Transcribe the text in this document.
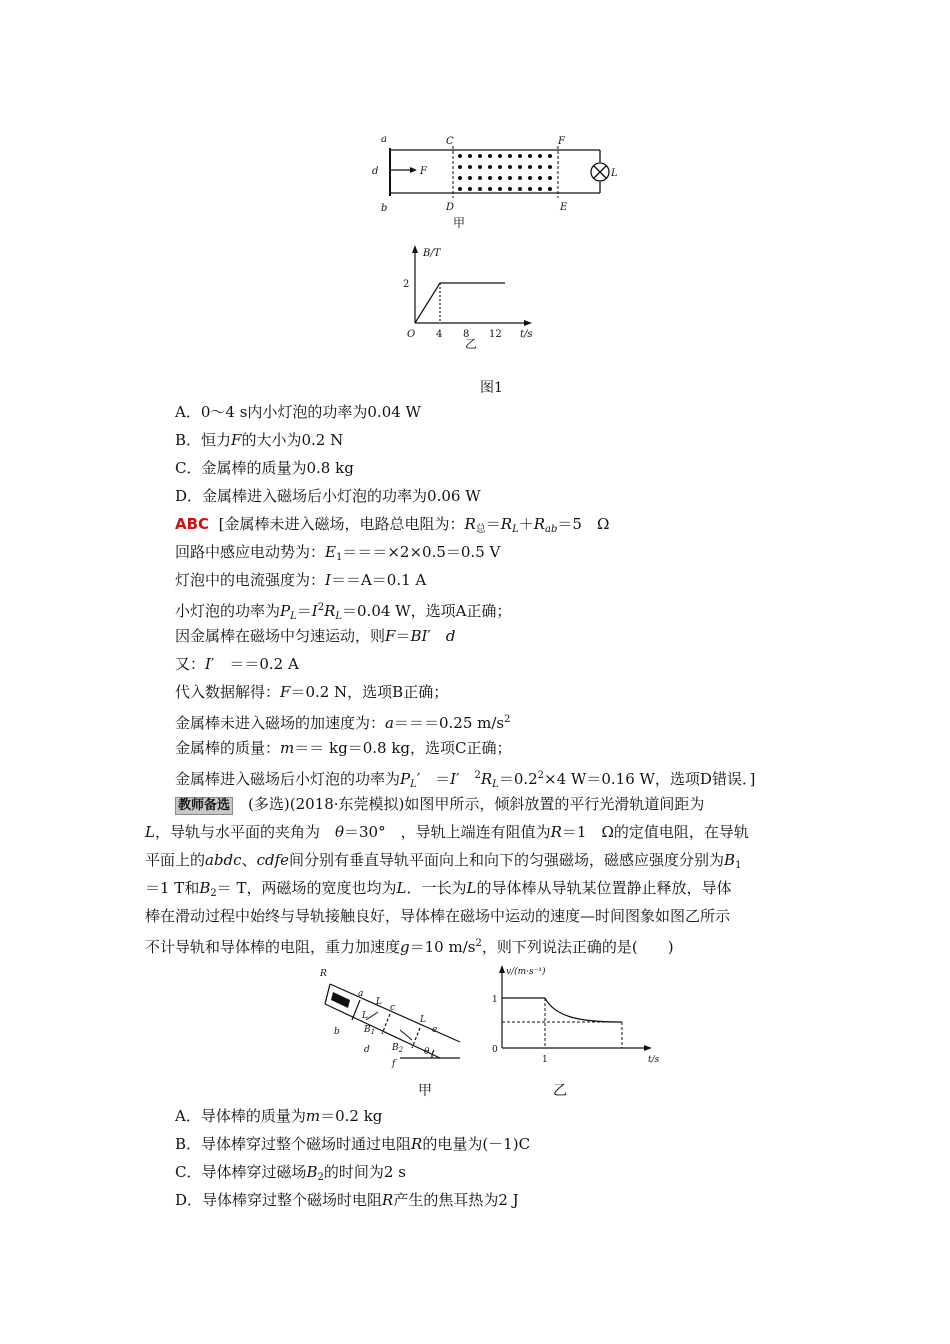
a
b
d	F
C
D
F
E
L
甲
B/T
2
O 4 8 12 t/s
乙
图1
A．0～4 s内小灯泡的功率为0.04 W
B．恒力F的大小为0.2 N
C．金属棒的质量为0.8 kg
D．金属棒进入磁场后小灯泡的功率为0.06 W
ABC [金属棒未进入磁场，电路总电阻为：$R_总=R_L+R_{ab}=5$　Ω
回路中感应电动势为：$E_1===\times 2\times 0.5=0.5$ V
灯泡中的电流强度为：I＝＝A＝0.1 A
小灯泡的功率为$P_L=I^2R_L=0.04$ W，选项A正确；
因金属棒在磁场中匀速运动，则F＝BI′　d
又：I′　＝＝0.2 A
代入数据解得：F＝0.2 N，选项B正确；
金属棒未进入磁场的加速度为：a＝＝＝0.25 $m/s^2$
金属棒的质量：m＝＝ kg＝0.8 kg，选项C正确；
金属棒进入磁场后小灯泡的功率为$P_L'$　＝I′　$^2R_L=0.2^2\times 4$ W＝0.16 W，选项D错误．]
教师备选　(多选)(2018·东莞模拟)如图甲所示，倾斜放置的平行光滑轨道间距为
L，导轨与水平面的夹角为　θ＝30°　，导轨上端连有阻值为R＝1　Ω的定值电阻，在导轨
平面上的abdc、cdfe间分别有垂直导轨平面向上和向下的匀强磁场，磁感应强度分别为$B_1$
＝1 T和$B_2= T$，两磁场的宽度也均为L．一长为L的导体棒从导轨某位置静止释放，导体
棒在滑动过程中始终与导轨接触良好，导体棒在磁场中运动的速度—时间图象如图乙所示
不计导轨和导体棒的电阻，重力加速度g＝10 $m/s^2$，则下列说法正确的是(　　)
R
a
b
c
d
e
f
L
L	L
$B_1$
$B_2$ θ
v/(m·s⁻¹)
1
0
1	t/s
甲	乙
A．导体棒的质量为m＝0.2 kg
B．导体棒穿过整个磁场时通过电阻R的电量为(－1)C
C．导体棒穿过磁场$B_2$的时间为2 s
D．导体棒穿过整个磁场时电阻R产生的焦耳热为2 J
